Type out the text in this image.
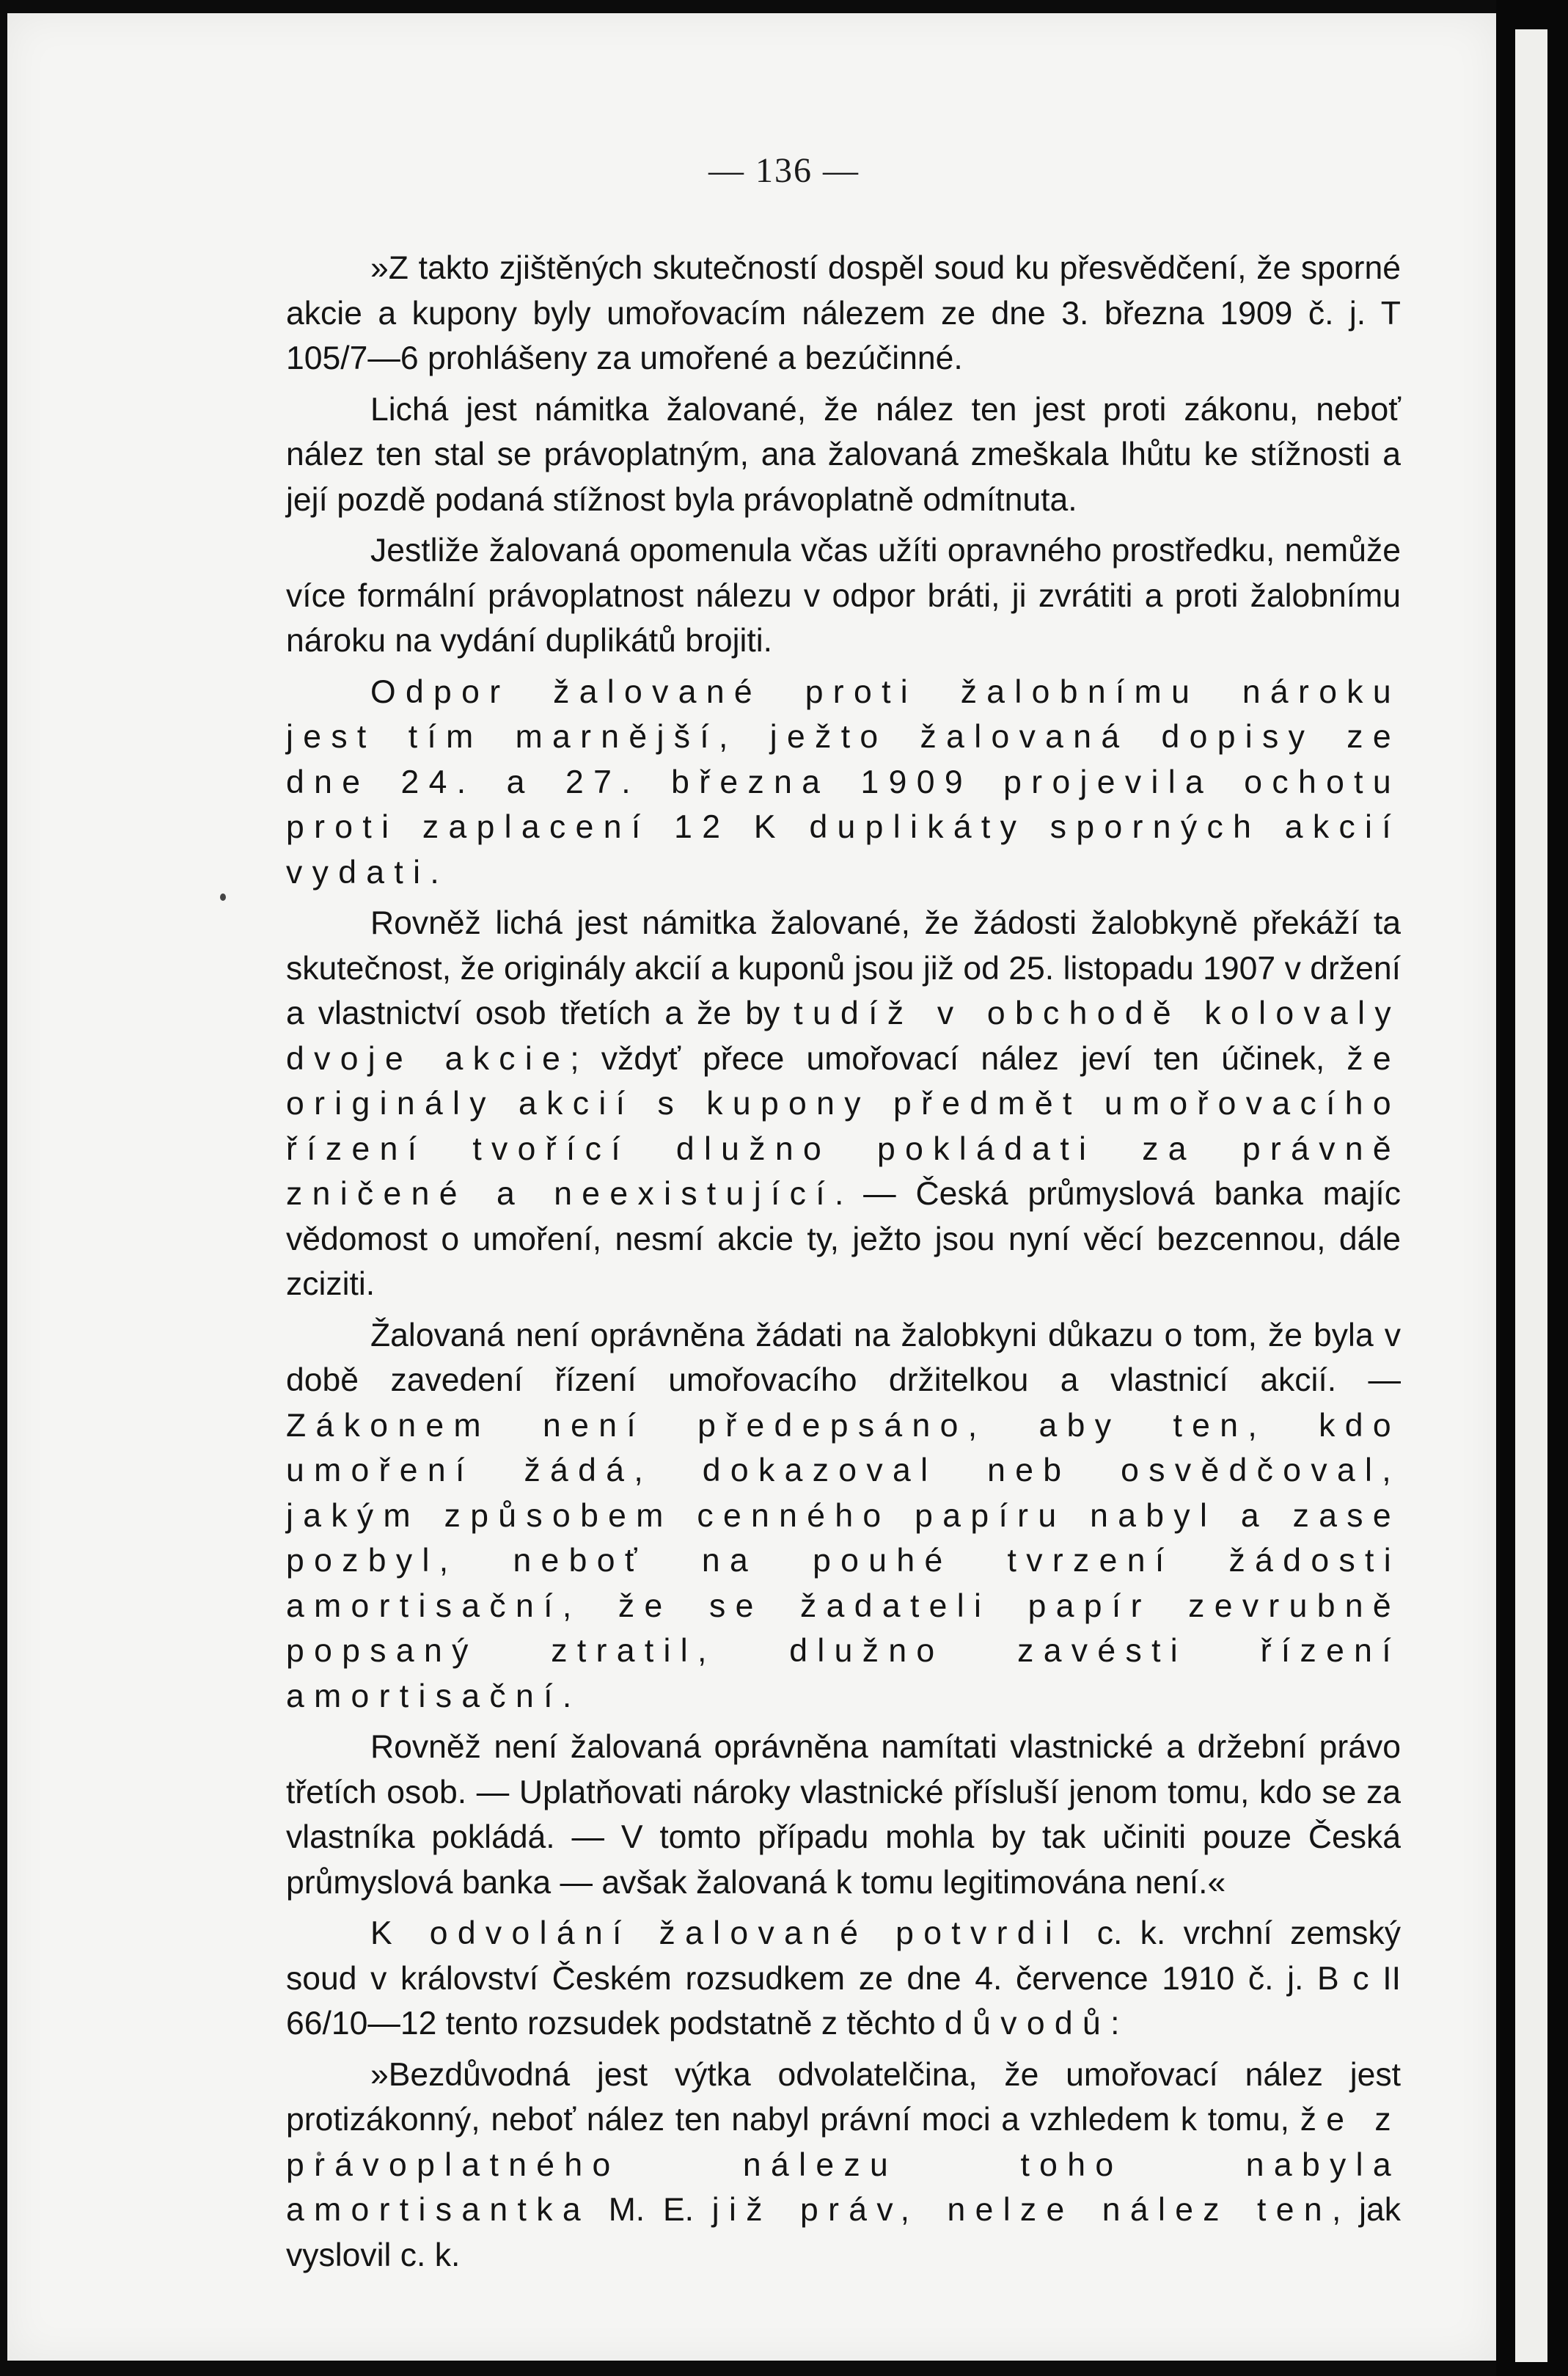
— 136 —

»Z takto zjištěných skutečností dospěl soud ku přesvědčení, že sporné akcie a kupony byly umořovacím nálezem ze dne 3. března 1909 č. j. T 105/7—6 prohlášeny za umořené a bezúčinné.

Lichá jest námitka žalované, že nález ten jest proti zákonu, neboť nález ten stal se právoplatným, ana žalovaná zmeškala lhůtu ke stížnosti a její pozdě podaná stížnost byla právoplatně odmítnuta.

Jestliže žalovaná opomenula včas užíti opravného prostředku, nemůže více formální právoplatnost nálezu v odpor bráti, ji zvrátiti a proti žalobnímu nároku na vydání duplikátů brojiti.

Odpor žalované proti žalobnímu nároku jest tím marnější, ježto žalovaná dopisy ze dne 24. a 27. března 1909 projevila ochotu proti zaplacení 12 K duplikáty sporných akcií vydati.

Rovněž lichá jest námitka žalované, že žádosti žalobkyně překáží ta skutečnost, že originály akcií a kuponů jsou již od 25. listopadu 1907 v držení a vlastnictví osob třetích a že by tudíž v obchodě kolovaly dvoje akcie; vždyť přece umořovací nález jeví ten účinek, že originály akcií s kupony předmět umořovacího řízení tvořící dlužno pokládati za právně zničené a neexistující. — Česká průmyslová banka majíc vědomost o umoření, nesmí akcie ty, ježto jsou nyní věcí bezcennou, dále zciziti.

Žalovaná není oprávněna žádati na žalobkyni důkazu o tom, že byla v době zavedení řízení umořovacího držitelkou a vlastnicí akcií. — Zákonem není předepsáno, aby ten, kdo umoření žádá, dokazoval neb osvědčoval, jakým způsobem cenného papíru nabyl a zase pozbyl, neboť na pouhé tvrzení žádosti amortisační, že se žadateli papír zevrubně popsaný ztratil, dlužno zavésti řízení amortisační.

Rovněž není žalovaná oprávněna namítati vlastnické a držební právo třetích osob. — Uplatňovati nároky vlastnické přísluší jenom tomu, kdo se za vlastníka pokládá. — V tomto případu mohla by tak učiniti pouze Česká průmyslová banka — avšak žalovaná k tomu legitimována není.«

K odvolání žalované potvrdil c. k. vrchní zemský soud v království Českém rozsudkem ze dne 4. července 1910 č. j. B c II 66/10—12 tento rozsudek podstatně z těchto důvodů:

»Bezdůvodná jest výtka odvolatelčina, že umořovací nález jest protizákonný, neboť nález ten nabyl právní moci a vzhledem k tomu, že z právoplatného nálezu toho nabyla amortisantka M. E. již práv, nelze nález ten, jak vyslovil c. k.
